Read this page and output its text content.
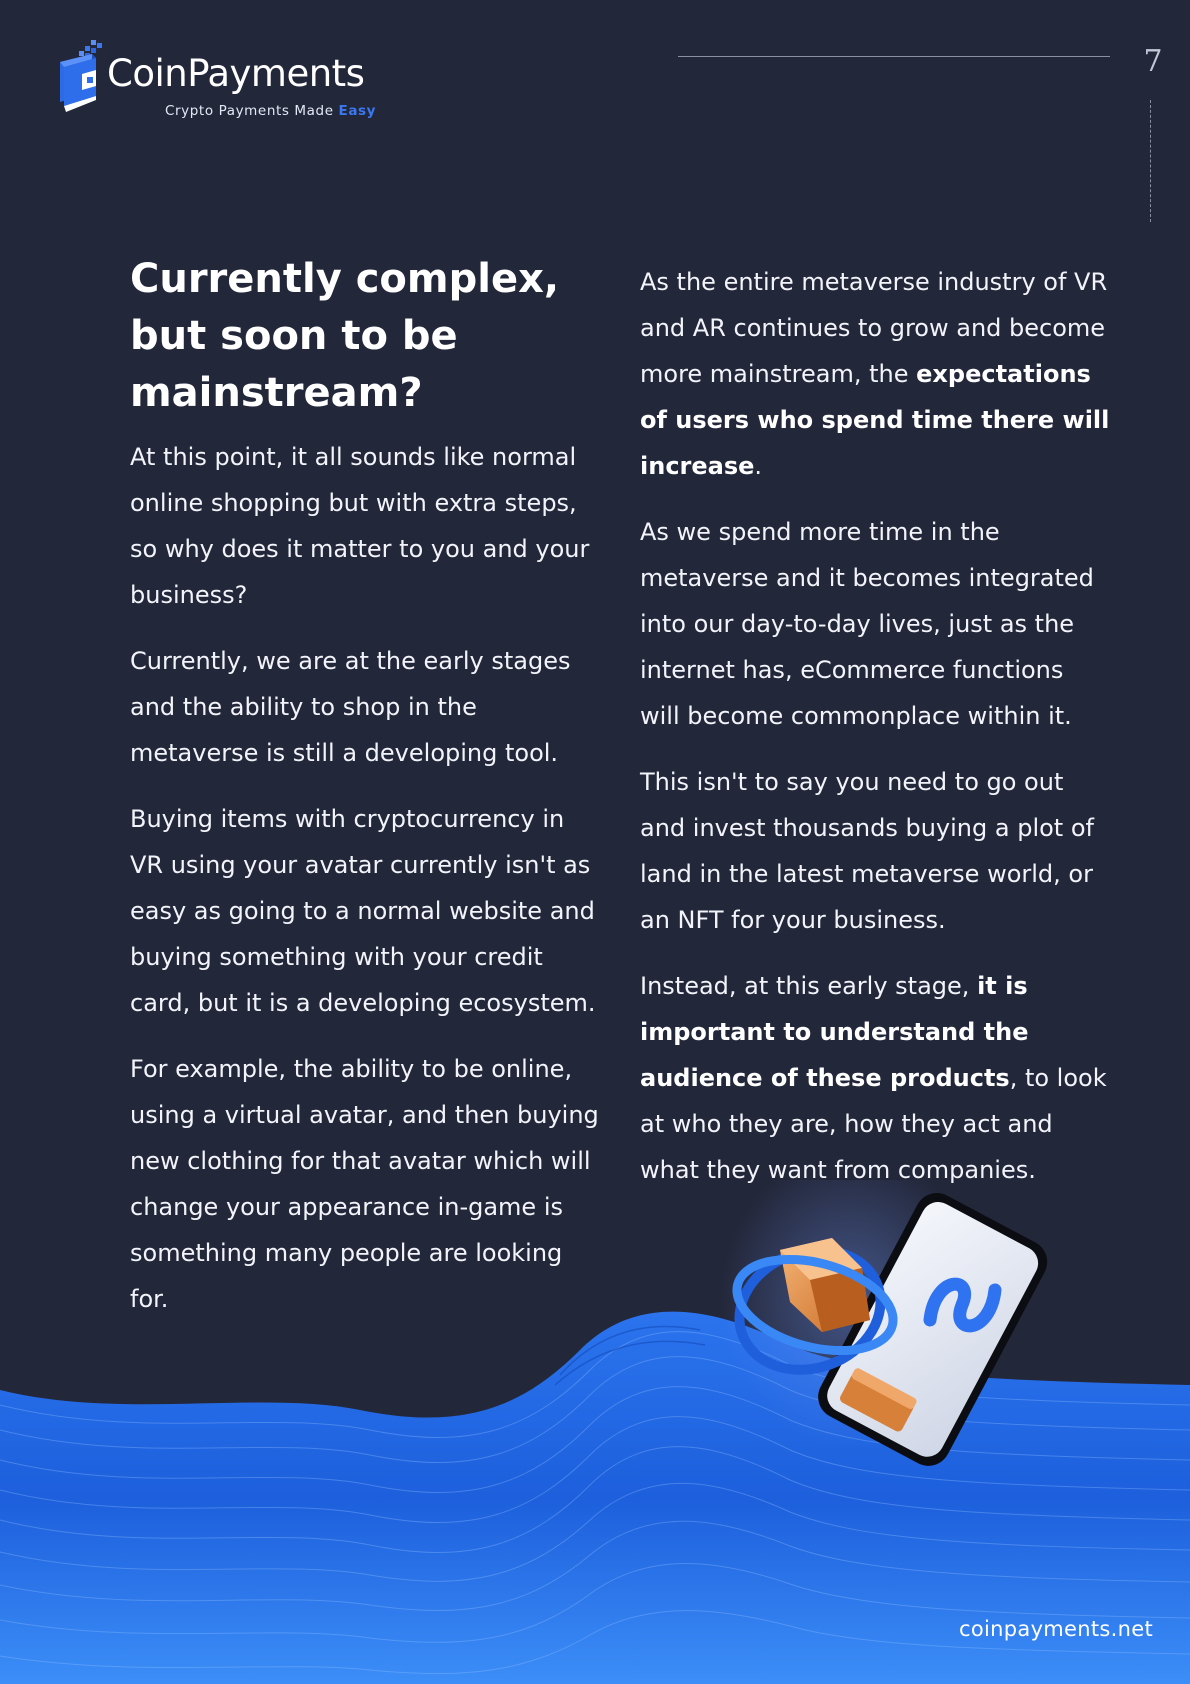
CoinPayments
Crypto Payments Made Easy
7
Currently complex, but soon to be mainstream?

At this point, it all sounds like normal online shopping but with extra steps, so why does it matter to you and your business?

Currently, we are at the early stages and the ability to shop in the metaverse is still a developing tool.

Buying items with cryptocurrency in VR using your avatar currently isn't as easy as going to a normal website and buying something with your credit card, but it is a developing ecosystem.

For example, the ability to be online, using a virtual avatar, and then buying new clothing for that avatar which will change your appearance in-game is something many people are looking for.

As the entire metaverse industry of VR and AR continues to grow and become more mainstream, the expectations of users who spend time there will increase.

As we spend more time in the metaverse and it becomes integrated into our day-to-day lives, just as the internet has, eCommerce functions will become commonplace within it.

This isn't to say you need to go out and invest thousands buying a plot of land in the latest metaverse world, or an NFT for your business.

Instead, at this early stage, it is important to understand the audience of these products, to look at who they are, how they act and what they want from companies.

coinpayments.net
